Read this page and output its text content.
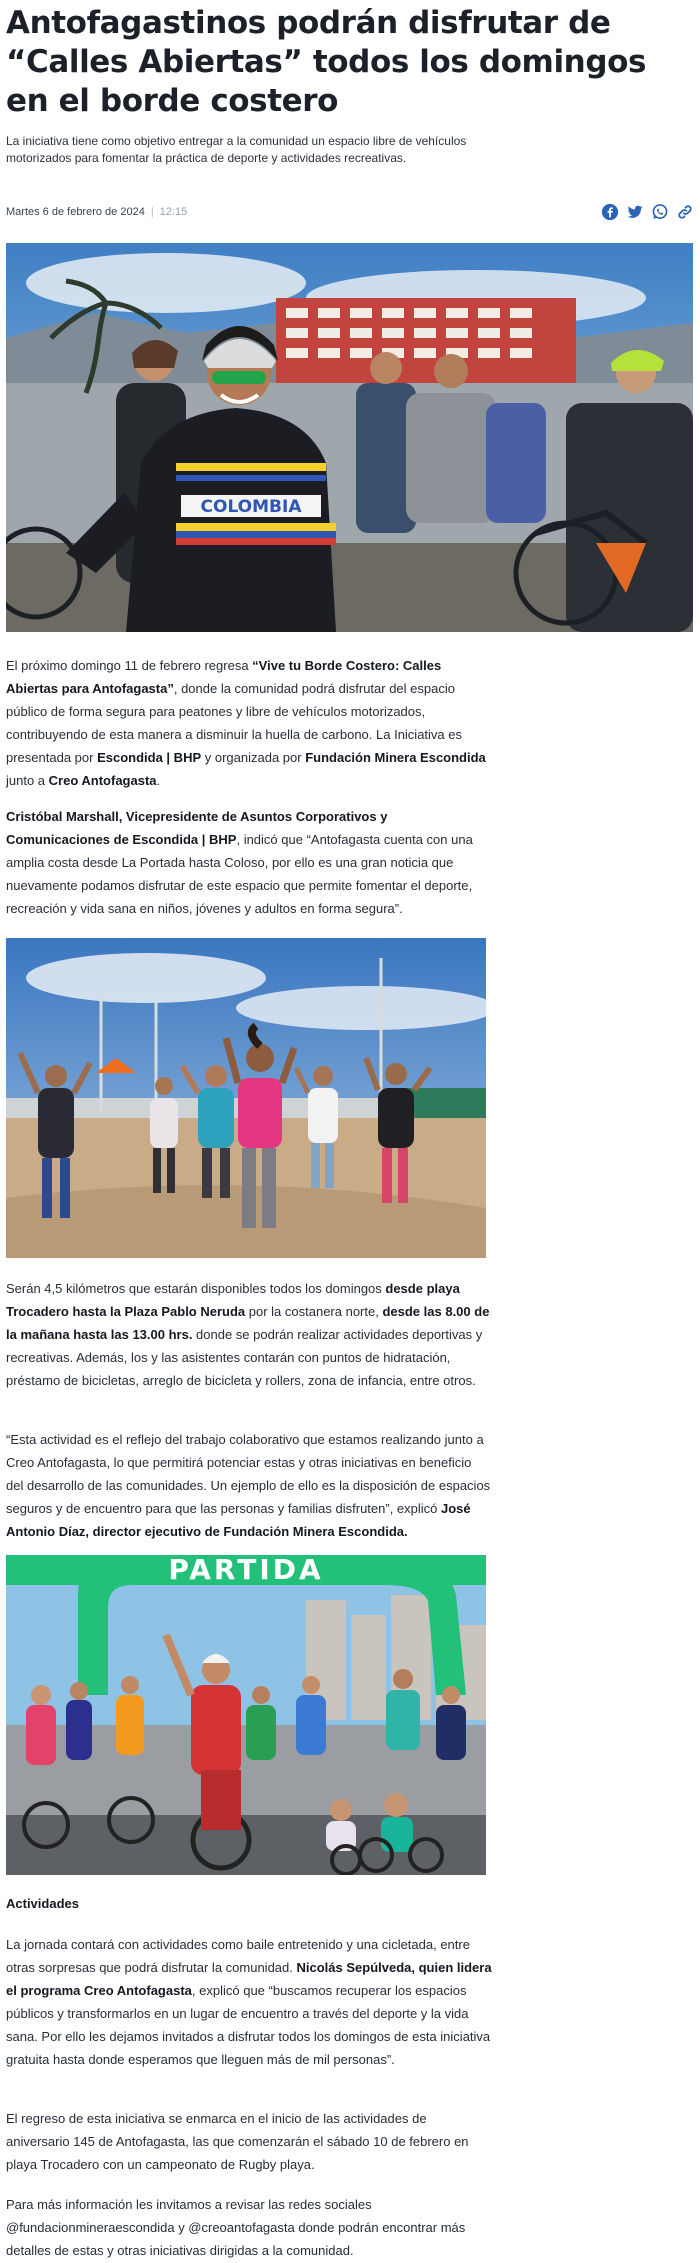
Antofagastinos podrán disfrutar de “Calles Abiertas” todos los domingos en el borde costero

La iniciativa tiene como objetivo entregar a la comunidad un espacio libre de vehículos motorizados para fomentar la práctica de deporte y actividades recreativas.

Martes 6 de febrero de 2024 | 12:15
COLOMBIA

El próximo domingo 11 de febrero regresa “Vive tu Borde Costero: Calles Abiertas para Antofagasta”, donde la comunidad podrá disfrutar del espacio público de forma segura para peatones y libre de vehículos motorizados, contribuyendo de esta manera a disminuir la huella de carbono. La Iniciativa es presentada por Escondida | BHP y organizada por Fundación Minera Escondida junto a Creo Antofagasta.

Cristóbal Marshall, Vicepresidente de Asuntos Corporativos y Comunicaciones de Escondida | BHP, indicó que “Antofagasta cuenta con una amplia costa desde La Portada hasta Coloso, por ello es una gran noticia que nuevamente podamos disfrutar de este espacio que permite fomentar el deporte, recreación y vida sana en niños, jóvenes y adultos en forma segura”.

Serán 4,5 kilómetros que estarán disponibles todos los domingos desde playa Trocadero hasta la Plaza Pablo Neruda por la costanera norte, desde las 8.00 de la mañana hasta las 13.00 hrs. donde se podrán realizar actividades deportivas y recreativas. Además, los y las asistentes contarán con puntos de hidratación, préstamo de bicicletas, arreglo de bicicleta y rollers, zona de infancia, entre otros.

“Esta actividad es el reflejo del trabajo colaborativo que estamos realizando junto a Creo Antofagasta, lo que permitirá potenciar estas y otras iniciativas en beneficio del desarrollo de las comunidades. Un ejemplo de ello es la disposición de espacios seguros y de encuentro para que las personas y familias disfruten”, explicó José Antonio Díaz, director ejecutivo de Fundación Minera Escondida.

PARTIDA
Actividades

La jornada contará con actividades como baile entretenido y una cicletada, entre otras sorpresas que podrá disfrutar la comunidad. Nicolás Sepúlveda, quien lidera el programa Creo Antofagasta, explicó que “buscamos recuperar los espacios públicos y transformarlos en un lugar de encuentro a través del deporte y la vida sana. Por ello les dejamos invitados a disfrutar todos los domingos de esta iniciativa gratuita hasta donde esperamos que lleguen más de mil personas”.

El regreso de esta iniciativa se enmarca en el inicio de las actividades de aniversario 145 de Antofagasta, las que comenzarán el sábado 10 de febrero en playa Trocadero con un campeonato de Rugby playa.

Para más información les invitamos a revisar las redes sociales @fundacionmineraescondida y @creoantofagasta donde podrán encontrar más detalles de estas y otras iniciativas dirigidas a la comunidad.
